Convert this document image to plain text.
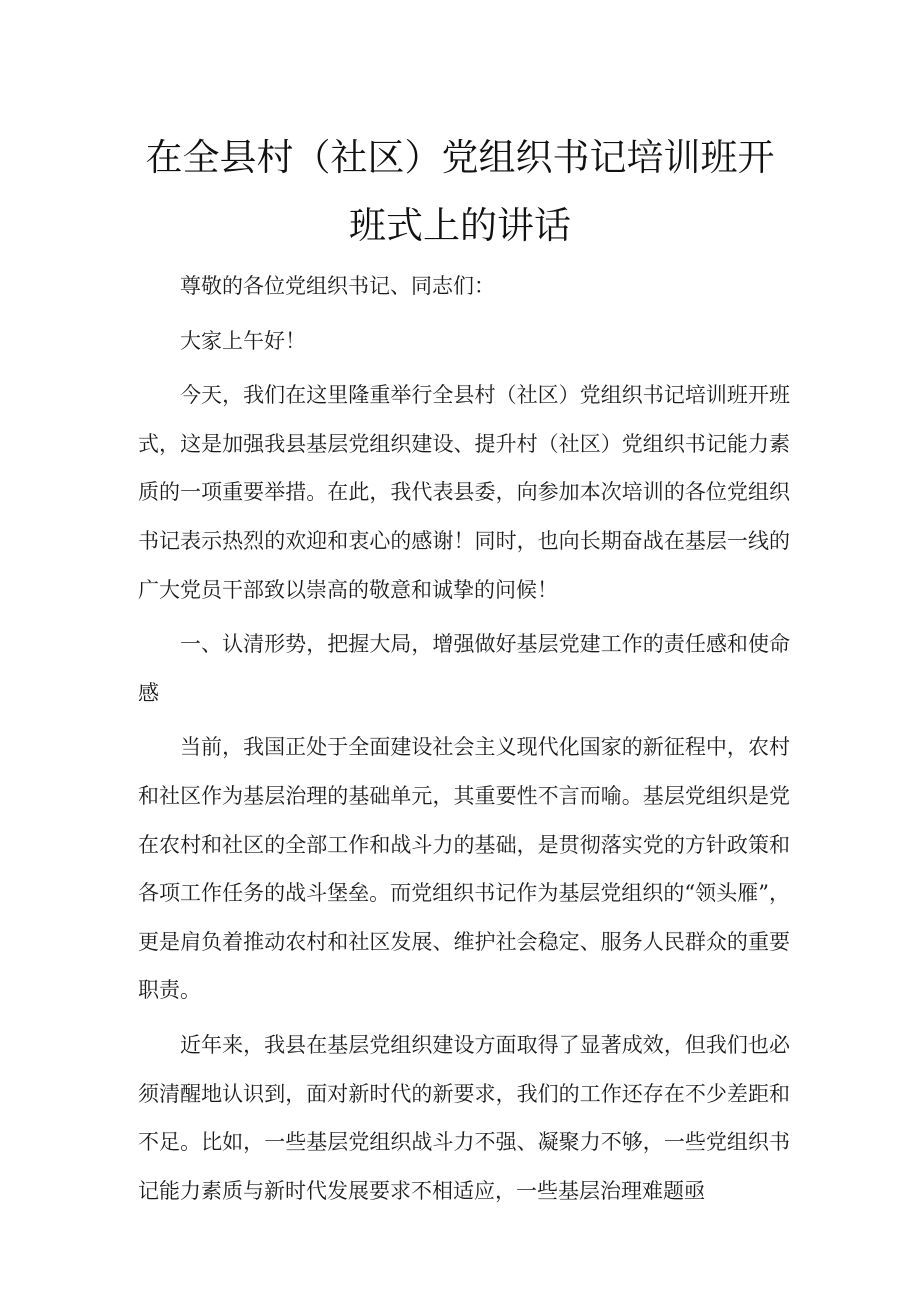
在全县村（社区）党组织书记培训班开
班式上的讲话

尊敬的各位党组织书记、同志们：

大家上午好！

今天，我们在这里隆重举行全县村（社区）党组织书记培训班开班式，这是加强我县基层党组织建设、提升村（社区）党组织书记能力素质的一项重要举措。在此，我代表县委，向参加本次培训的各位党组织书记表示热烈的欢迎和衷心的感谢！同时，也向长期奋战在基层一线的广大党员干部致以崇高的敬意和诚挚的问候！

一、认清形势，把握大局，增强做好基层党建工作的责任感和使命感

当前，我国正处于全面建设社会主义现代化国家的新征程中，农村和社区作为基层治理的基础单元，其重要性不言而喻。基层党组织是党在农村和社区的全部工作和战斗力的基础，是贯彻落实党的方针政策和各项工作任务的战斗堡垒。而党组织书记作为基层党组织的“领头雁”，更是肩负着推动农村和社区发展、维护社会稳定、服务人民群众的重要职责。

近年来，我县在基层党组织建设方面取得了显著成效，但我们也必须清醒地认识到，面对新时代的新要求，我们的工作还存在不少差距和不足。比如，一些基层党组织战斗力不强、凝聚力不够，一些党组织书记能力素质与新时代发展要求不相适应，一些基层治理难题亟
